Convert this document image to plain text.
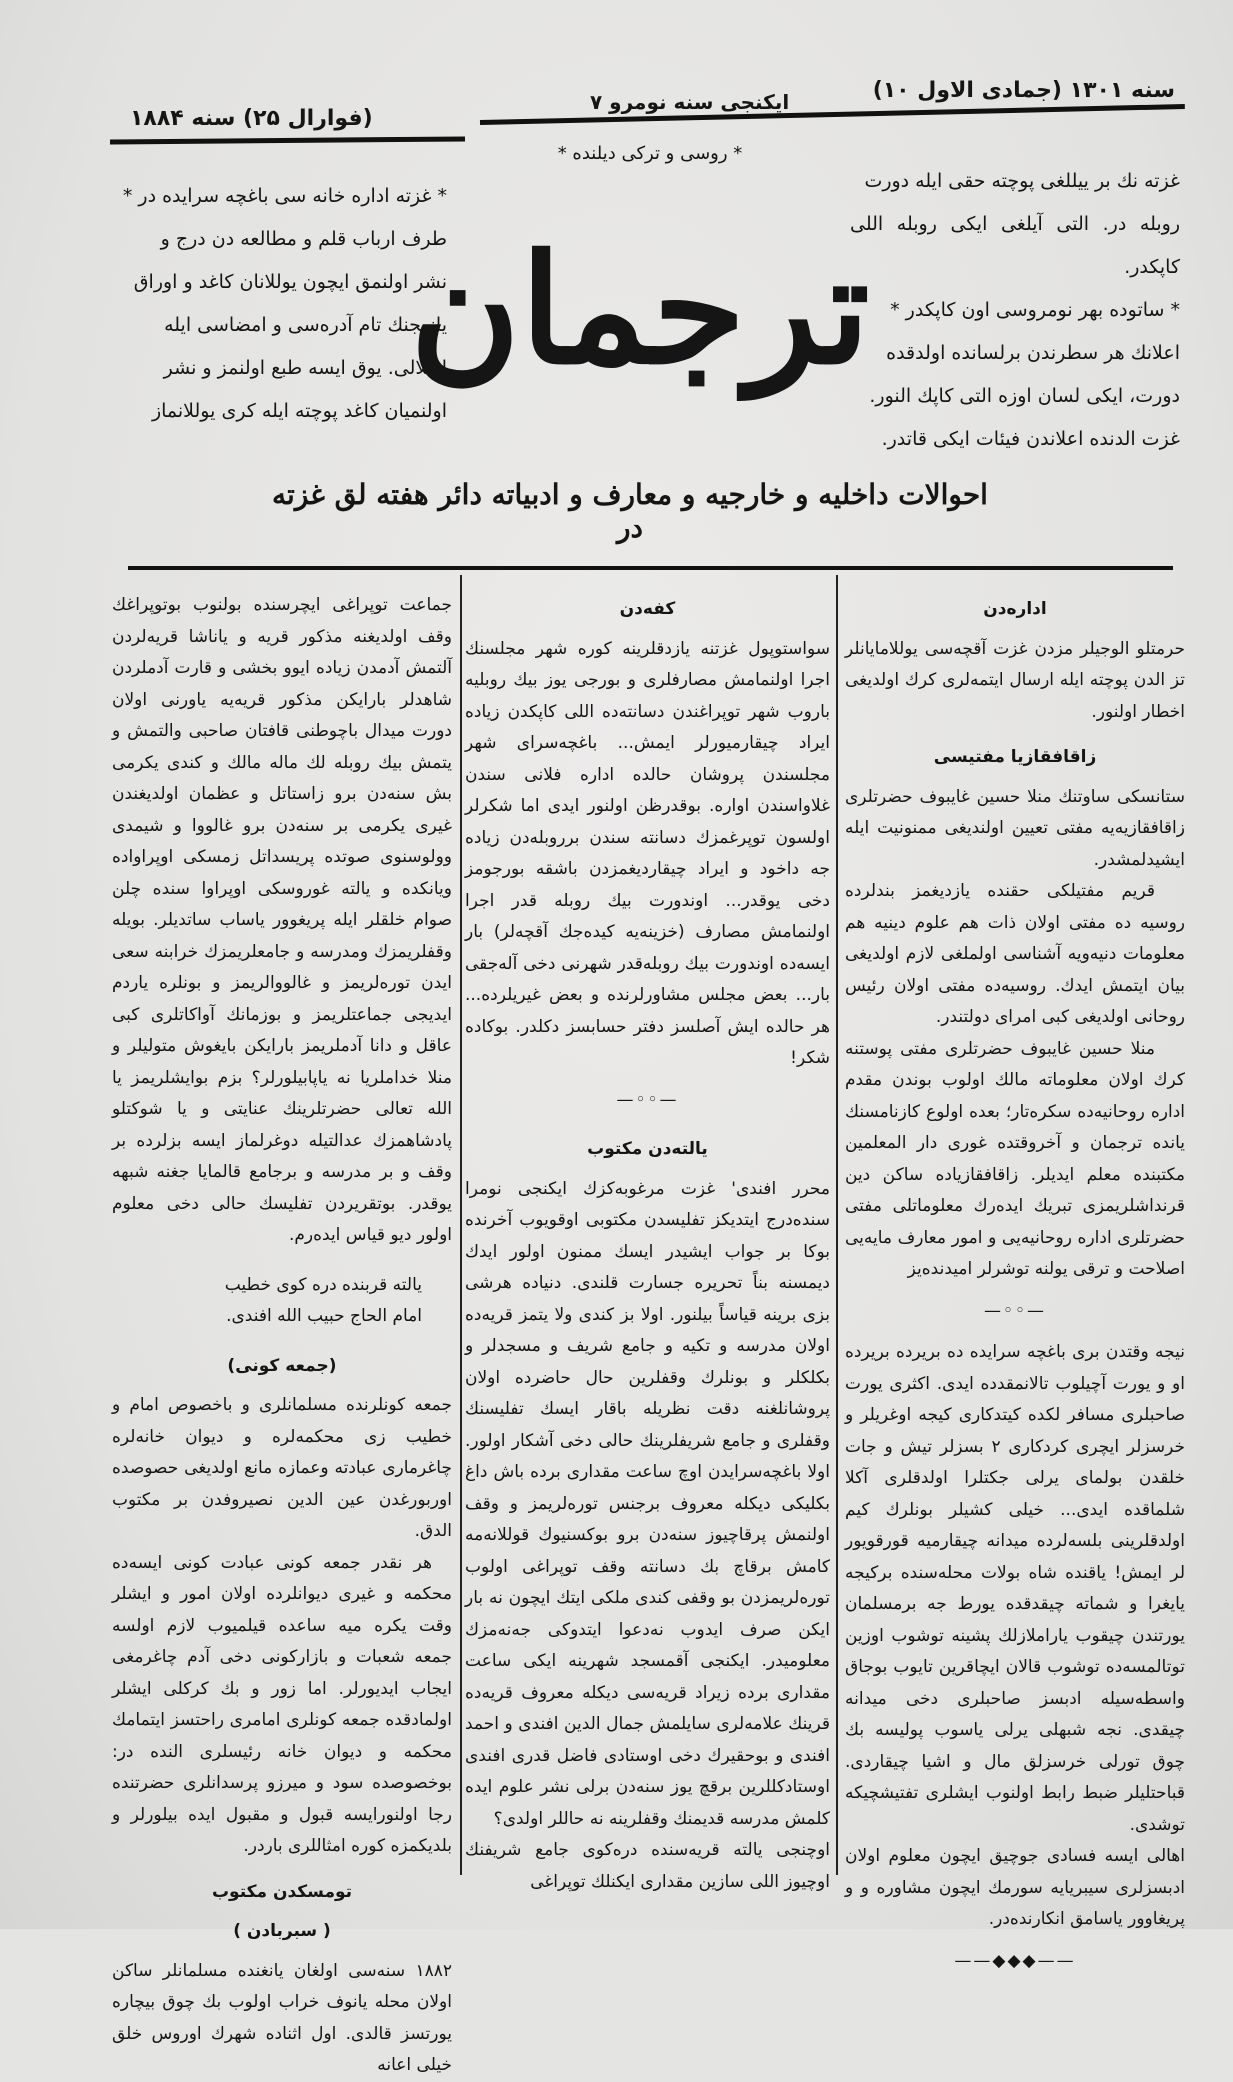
سنه ۱۳۰۱ (جمادی الاول ۱۰)
ایکنجی سنه نومرو ۷
(فوارال ۲۵) سنه ۱۸۸۴
* روسی و ترکی دیلنده *
ترجمان
غزته نك بر ییللغی پوچته حقی ایله دورت
روبله در. التی آیلغی ایکی روبله اللی کاپکدر.
* ساتوده بهر نومروسی اون کاپکدر *
اعلانك هر سطرندن برلسانده اولدقده
دورت، ایکی لسان اوزه التی کاپك النور.
غزت الدنده اعلاندن فیئات ایکی قاتدر.
* غزته اداره خانه سی باغچه سرایده در *
طرف ارباب قلم و مطالعه دن درج و
نشر اولنمق ایچون یوللانان کاغد و اوراق
یازیجنك تام آدرەسی و امضاسی ایله
اوللالی. یوق ایسه طبع اولنمز و نشر
اولنمیان کاغد پوچته ایله کری یوللانماز
احوالات داخلیه و خارجیه و معارف و ادبیاته دائر هفته لق غزته در
ادارەدن

حرمتلو الوجیلر مزدن غزت آقچەسی یوللامایانلر تز الدن پوچته ایله ارسال ایتمەلری کرك اولدیغی اخطار اولنور.

زاقافقازیا مفتیسی

ستانسکی ساوتنك منلا حسین غایبوف حضرتلری زاقافقازیەیه مفتی تعیین اولندیغی ممنونیت ایله ایشیدلمشدر.

قریم مفتیلکی حقنده یازدیغمز بندلرده روسیه ده مفتی اولان ذات هم علوم دینیه هم معلومات دنیەویه آشناسی اولملغی لازم اولدیغی بیان ایتمش ایدك. روسیەده مفتی اولان رئیس روحانی اولدیغی کبی امرای دولتندر.

منلا حسین غایبوف حضرتلری مفتی پوستنه کرك اولان معلوماته مالك اولوب بوندن مقدم ادارە روحانیەده سکرەتار؛ بعده اولوع کازنامسنك یانده ترجمان و آخروقتده غوری دار المعلمین مکتبنده معلم ایدیلر. زاقافقازیاده ساکن دین قرنداشلریمزی تبریك ایدەرك معلوماتلی مفتی حضرتلری ادارە روحانیەیی و امور معارف مایەیی اصلاحت و ترقی یولنه توشرلر امیدندەیز

—◦◦—

نیجه وقتدن بری باغچه سرایده ده بریرده بریرده او و یورت آچیلوب تالانمقدده ایدی. اکثری یورت صاحبلری مسافر لکده کیتدکاری کیجه اوغریلر و خرسزلر ایچری کردکاری ۲ بسزلر تیش و جات خلقدن بولمای یرلی جکتلرا اولدقلری آکلا شلماقده ایدی... خیلی کشیلر بونلرك کیم اولدقلرینی بلسەلرده میدانه چیقارمیه قورقویور لر ایمش! یاقنده شاه بولات محلەسنده برکیجه یایغرا و شماته چیقدقده یورط جه برمسلمان یورتندن چیقوب یاراملازلك پشینه توشوب اوزین توتالمسەده توشوب قالان ایچاقرین تایوب بوجاق واسطەسیله ادبسز صاحبلری دخی میدانه چیقدی. نجه شبهلی یرلی یاسوب پولیسه بك چوق تورلی خرسزلق مال و اشیا چیقاردی. قباحتلیلر ضبط رابط اولنوب ایشلری تفتیشچیکه توشدی.

اهالی ایسه فسادی جوچیق ایچون معلوم اولان ادبسزلری سیبریایه سورمك ایچون مشاوره و و پریغاوور یاسامق انکارندەدر.

——◆◆◆——
کفەدن

سواستوپول غزتنه یازدقلرینه کوره شهر مجلسنك اجرا اولنمامش مصارفلری و بورجی یوز بیك روبلیه باروب شهر توپراغندن دسانتەده اللی کاپکدن زیاده ایراد چیقارمیورلر ایمش... باغچەسرای شهر مجلسندن پروشان حالده اداره فلانی سندن غلاواسندن اواره. بوقدرظن اولنور ایدی اما شکرلر اولسون توپرغمزك دسانته سندن برروبلەدن زیاده جه داخود و ایراد چیقاردیغمزدن باشقه بورجومز دخی یوقدر... اوندورت بیك روبله قدر اجرا اولنمامش مصارف (خزینەیه کیدەجك آقچەلر) بار ایسەده اوندورت بیك روبلەقدر شهرنی دخی آلەجقی بار... بعض مجلس مشاورلرنده و بعض غیریلرده... هر حالده ایش آصلسز دفتر حسابسز دکلدر. بوکاده شکر!

—◦◦—
یالتەدن مکتوب

محرر افندی' غزت مرغوبەکزك ایکنجی نومرا سندەدرج ایتدیکز تفلیسدن مکتوبی اوقویوب آخرنده بوکا بر جواب ایشیدر ایسك ممنون اولور ایدك دیمسنه بناً تحریره جسارت قلندی. دنیاده هرشی بزی برینه قیاساً بیلنور. اولا بز کندی ولا یتمز قریەده اولان مدرسه و تکیه و جامع شریف و مسجدلر و بکلکلر و بونلرك وقفلرین حال حاضرده اولان پروشانلغنه دقت نظریله باقار ایسك تفلیسنك وقفلری و جامع شریفلرینك حالی دخی آشکار اولور. اولا باغچەسرایدن اوچ ساعت مقداری برده باش داغ بکلیکی دیکلە معروف برجنس تورەلریمز و وقف اولنمش پرقاچیوز سنەدن برو بوکسنیوك قوللانەمه کامش برقاچ بك دسانته وقف توپراغی اولوب تورەلریمزدن بو وقفی کندی ملکی ایتك ایچون نه بار ایکن صرف ایدوب نەدعوا ایتدوکی جەنەمزك معلومیدر. ایکنجی آقمسجد شهرینه ایکی ساعت مقداری برده زیراد قریەسی دیکلە معروف قریەده قرینك علامەلری سایلمش جمال الدین افندی و احمد افندی و بوحقیرك دخی اوستادی فاضل قدری افندی اوستادکللرین برقچ یوز سنەدن برلی نشر علوم ایده کلمش مدرسه قدیمنك وقفلرینه نه حاللر اولدی؟

اوچنجی یالته قریەسنده درەکوی جامع شریفنك اوچیوز اللی سازین مقداری ایکنلك توپراغی

جماعت توپراغی ایچرسنده بولنوب بوتوپراغك وقف اولدیغنه مذکور قریه و یاناشا قریەلردن آلتمش آدمدن زیاده ایوو بخشی و قارت آدملردن شاهدلر بارایکن مذکور قریەیه یاورنی اولان دورت میدال باچوطنی قافتان صاحبی والتمش و یتمش بیك روبله لك ماله مالك و کندی یکرمی بش سنەدن برو زاستاتل و عظمان اولدیغندن غیری یکرمی بر سنەدن برو غالووا و شیمدی وولوسنوی صوتده پریسداتل زمسکی اوپراوادە ویانکده و یالته غوروسکی اوپراوا سنده چلن صوام خلقلر ایله پریغوور یاساب ساتدیلر. بویله وقفلریمزك ومدرسه و جامعلریمزك خرابنه سعی ایدن تورەلریمز و غالووالریمز و بونلره یاردم ایدیجی جماعتلریمز و بوزمانك آواکاتلری کبی عاقل و دانا آدملریمز بارایکن بایغوش متولیلر و منلا خداملریا نه یاپابیلورلر؟ بزم بوایشلریمز یا الله تعالی حضرتلرینك عنایتی و یا شوکتلو پادشاهمزك عدالتیله دوغرلماز ایسه بزلرده بر وقف و بر مدرسه و برجامع قالمایا جغنه شبهه یوقدر. بوتقریردن تفلیسك حالی دخی معلوم اولور دیو قیاس ایدەرم.

یالته قربنده درە کوی خطیب
امام الحاج حبیب الله افندی.
(جمعه کونی)

جمعه کونلرنده مسلمانلری و باخصوص امام و خطیب زی محکمەلره و دیوان خانەلره چاغرماری عبادته وعمازه مانع اولدیغی حصوصده اوربورغدن عین الدین نصیروفدن بر مکتوب الدق.

هر نقدر جمعه کونی عبادت کونی ایسەده محکمه و غیری دیوانلرده اولان امور و ایشلر وقت یکره میه ساعده قیلمیوب لازم اولسه جمعه شعبات و بازارکونی دخی آدم چاغرمغی ایجاب ایدیورلر. اما زور و بك کرکلی ایشلر اولمادقده جمعه کونلری امامری راحتسز ایتمامك محکمه و دیوان خانه رئیسلری النده در: بوخصوصده سود و میرزو پرسدانلری حضرتنده رجا اولنورایسه قبول و مقبول ایده بیلورلر و بلدیکمزه کوره امثاللری باردر.

تومسکدن مکتوب
( سبربادن )

۱۸۸۲ سنەسی اولغان یانغنده مسلمانلر ساکن اولان محله یانوف خراب اولوب بك چوق بیچاره یورتسز قالدی. اول اثناده شهرك اوروس خلق خیلی اعانه
